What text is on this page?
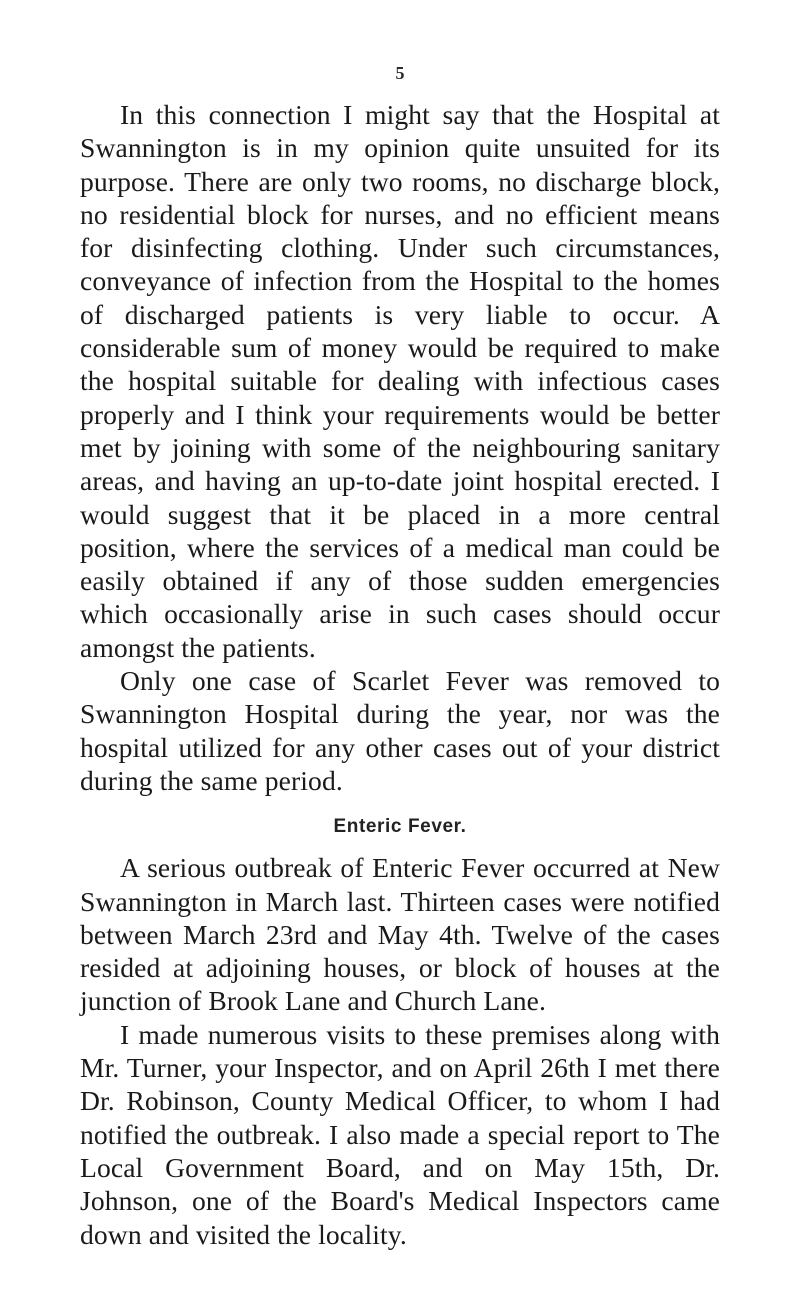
5

In this connection I might say that the Hospital at Swannington is in my opinion quite unsuited for its purpose. There are only two rooms, no discharge block, no residential block for nurses, and no efficient means for disinfecting clothing. Under such circumstances, conveyance of infection from the Hospital to the homes of discharged patients is very liable to occur. A considerable sum of money would be required to make the hospital suitable for dealing with infectious cases properly and I think your requirements would be better met by joining with some of the neighbouring sanitary areas, and having an up-to-date joint hospital erected. I would suggest that it be placed in a more central position, where the services of a medical man could be easily obtained if any of those sudden emergencies which occasionally arise in such cases should occur amongst the patients.

Only one case of Scarlet Fever was removed to Swannington Hospital during the year, nor was the hospital utilized for any other cases out of your district during the same period.

Enteric Fever.

A serious outbreak of Enteric Fever occurred at New Swannington in March last. Thirteen cases were notified between March 23rd and May 4th. Twelve of the cases resided at adjoining houses, or block of houses at the junction of Brook Lane and Church Lane.

I made numerous visits to these premises along with Mr. Turner, your Inspector, and on April 26th I met there Dr. Robinson, County Medical Officer, to whom I had notified the outbreak. I also made a special report to The Local Government Board, and on May 15th, Dr. Johnson, one of the Board's Medical Inspectors came down and visited the locality.
